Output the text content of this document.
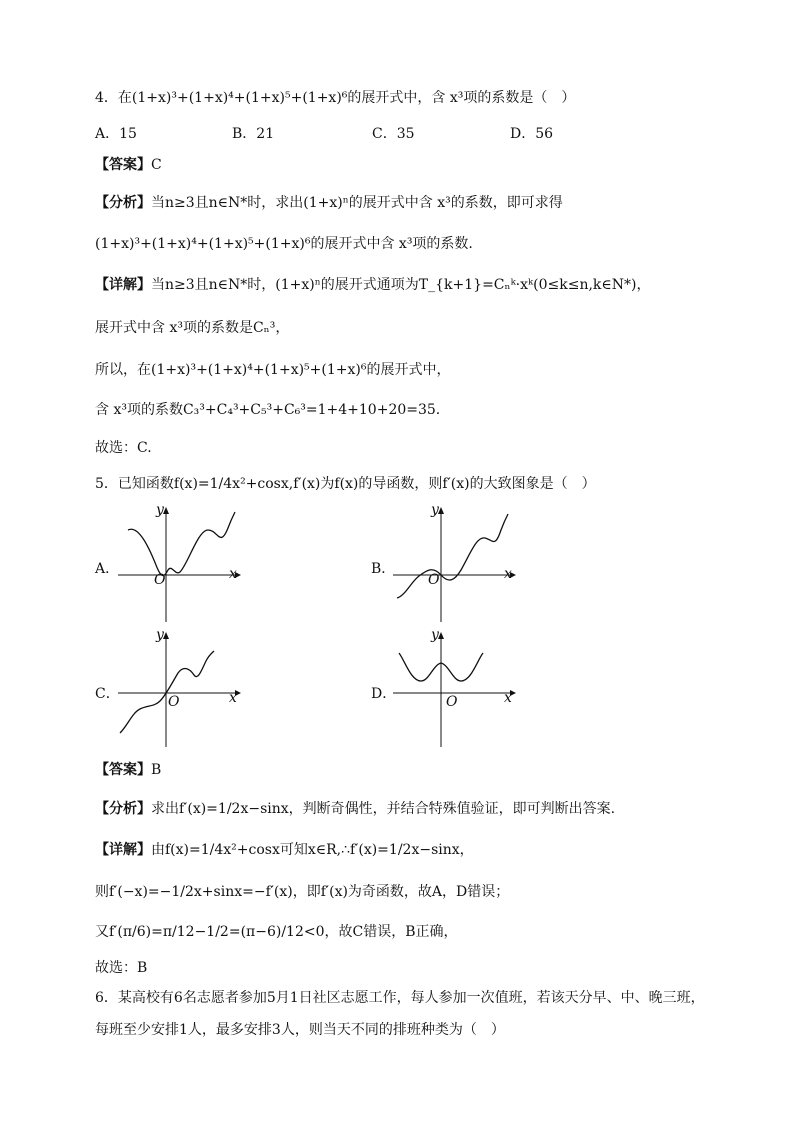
4．在(1+x)³+(1+x)⁴+(1+x)⁵+(1+x)⁶的展开式中，含 x³项的系数是（　）
A．15	B．21	C．35	D．56
【答案】C
【分析】当n≥3且n∈N*时，求出(1+x)ⁿ的展开式中含 x³的系数，即可求得
(1+x)³+(1+x)⁴+(1+x)⁵+(1+x)⁶的展开式中含 x³项的系数.
【详解】当n≥3且n∈N*时，(1+x)ⁿ的展开式通项为T_{k+1}=Cₙᵏ·xᵏ(0≤k≤n,k∈N*)，
展开式中含 x³项的系数是Cₙ³，
所以，在(1+x)³+(1+x)⁴+(1+x)⁵+(1+x)⁶的展开式中，
含 x³项的系数C₃³+C₄³+C₅³+C₆³=1+4+10+20=35.
故选：C.
5．已知函数f(x)=1/4x²+cosx,f′(x)为f(x)的导函数，则f′(x)的大致图象是（　）
A．	x
y
O
B．	x
y
O
C．	x
y
O	D．	x
y
O
【答案】B
【分析】求出f′(x)=1/2x−sinx，判断奇偶性，并结合特殊值验证，即可判断出答案.
【详解】由f(x)=1/4x²+cosx可知x∈R,∴f′(x)=1/2x−sinx，
则f′(−x)=−1/2x+sinx=−f′(x)，即f′(x)为奇函数，故A，D错误；
又f′(π/6)=π/12−1/2=(π−6)/12<0，故C错误，B正确，
故选：B
6．某高校有6名志愿者参加5月1日社区志愿工作，每人参加一次值班，若该天分早、中、晚三班，
每班至少安排1人，最多安排3人，则当天不同的排班种类为（　）
